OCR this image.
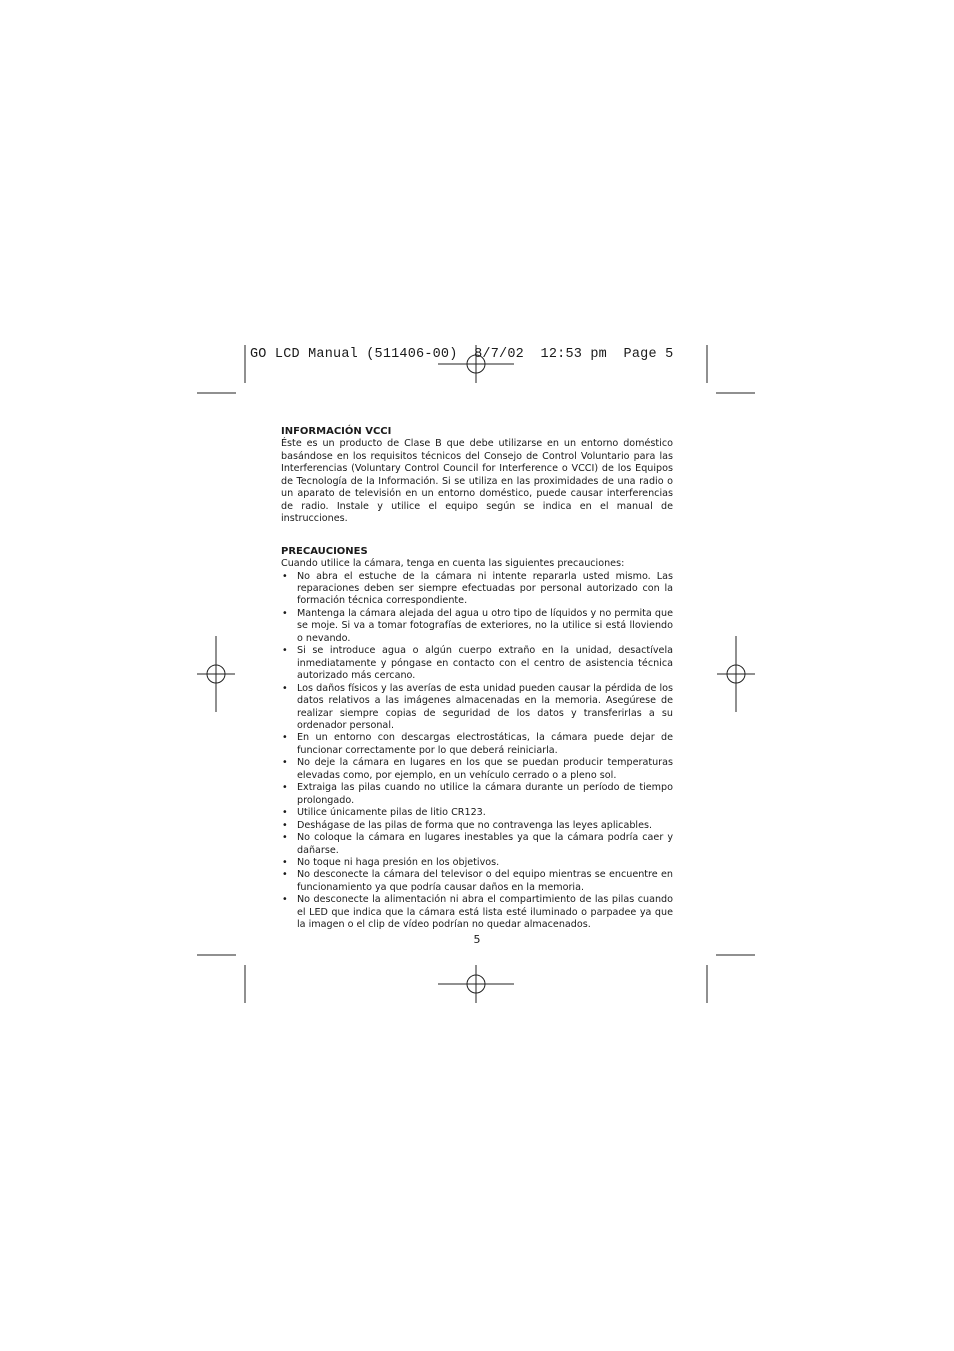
GO LCD Manual (511406-00)  8/7/02  12:53 pm  Page 5

INFORMACIÓN VCCI

Éste es un producto de Clase B que debe utilizarse en un entorno doméstico basándose en los requisitos técnicos del Consejo de Control Voluntario para las Interferencias (Voluntary Control Council for Interference o VCCI) de los Equipos de Tecnología de la Información. Si se utiliza en las proximidades de una radio o un aparato de televisión en un entorno doméstico, puede causar interferencias de radio. Instale y utilice el equipo según se indica en el manual de instrucciones.

PRECAUCIONES

Cuando utilice la cámara, tenga en cuenta las siguientes precauciones:

• No abra el estuche de la cámara ni intente repararla usted mismo. Las reparaciones deben ser siempre efectuadas por personal autorizado con la formación técnica correspondiente.
• Mantenga la cámara alejada del agua u otro tipo de líquidos y no permita que se moje. Si va a tomar fotografías de exteriores, no la utilice si está lloviendo o nevando.
• Si se introduce agua o algún cuerpo extraño en la unidad, desactívela inmediatamente y póngase en contacto con el centro de asistencia técnica autorizado más cercano.
• Los daños físicos y las averías de esta unidad pueden causar la pérdida de los datos relativos a las imágenes almacenadas en la memoria. Asegúrese de realizar siempre copias de seguridad de los datos y transferirlas a su ordenador personal.
• En un entorno con descargas electrostáticas, la cámara puede dejar de funcionar correctamente por lo que deberá reiniciarla.
• No deje la cámara en lugares en los que se puedan producir temperaturas elevadas como, por ejemplo, en un vehículo cerrado o a pleno sol.
• Extraiga las pilas cuando no utilice la cámara durante un período de tiempo prolongado.
• Utilice únicamente pilas de litio CR123.
• Deshágase de las pilas de forma que no contravenga las leyes aplicables.
• No coloque la cámara en lugares inestables ya que la cámara podría caer y dañarse.
• No toque ni haga presión en los objetivos.
• No desconecte la cámara del televisor o del equipo mientras se encuentre en funcionamiento ya que podría causar daños en la memoria.
• No desconecte la alimentación ni abra el compartimiento de las pilas cuando el LED que indica que la cámara está lista esté iluminado o parpadee ya que la imagen o el clip de vídeo podrían no quedar almacenados.
5
